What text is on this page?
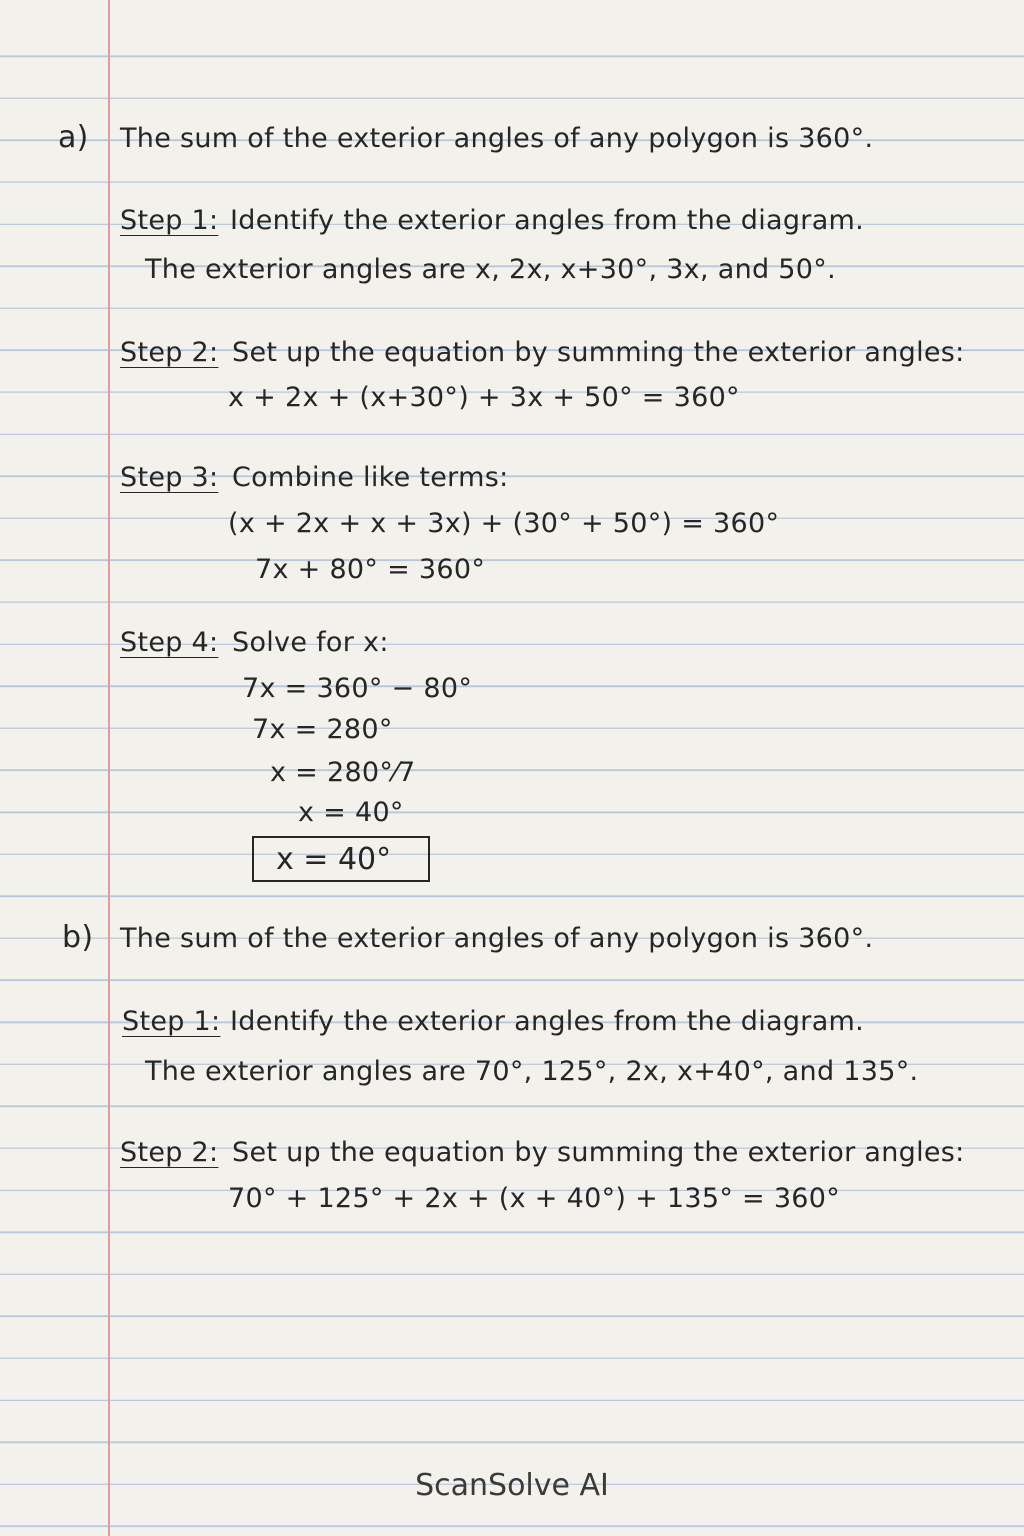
a) The sum of the exterior angles of any polygon is 360°.
Step 1: Identify the exterior angles from the diagram.
The exterior angles are x, 2x, x+30°, 3x, and 50°.
Step 2: Set up the equation by summing the exterior angles:
x + 2x + (x+30°) + 3x + 50° = 360°
Step 3: Combine like terms:
(x + 2x + x + 3x) + (30° + 50°) = 360°
7x + 80° = 360°
Step 4: Solve for x:
7x = 360° − 80°
7x = 280°
x = 280°⁄7
x = 40°
x = 40°
b) The sum of the exterior angles of any polygon is 360°.
Step 1: Identify the exterior angles from the diagram.
The exterior angles are 70°, 125°, 2x, x+40°, and 135°.
Step 2: Set up the equation by summing the exterior angles:
70° + 125° + 2x + (x + 40°) + 135° = 360°
ScanSolve AI
